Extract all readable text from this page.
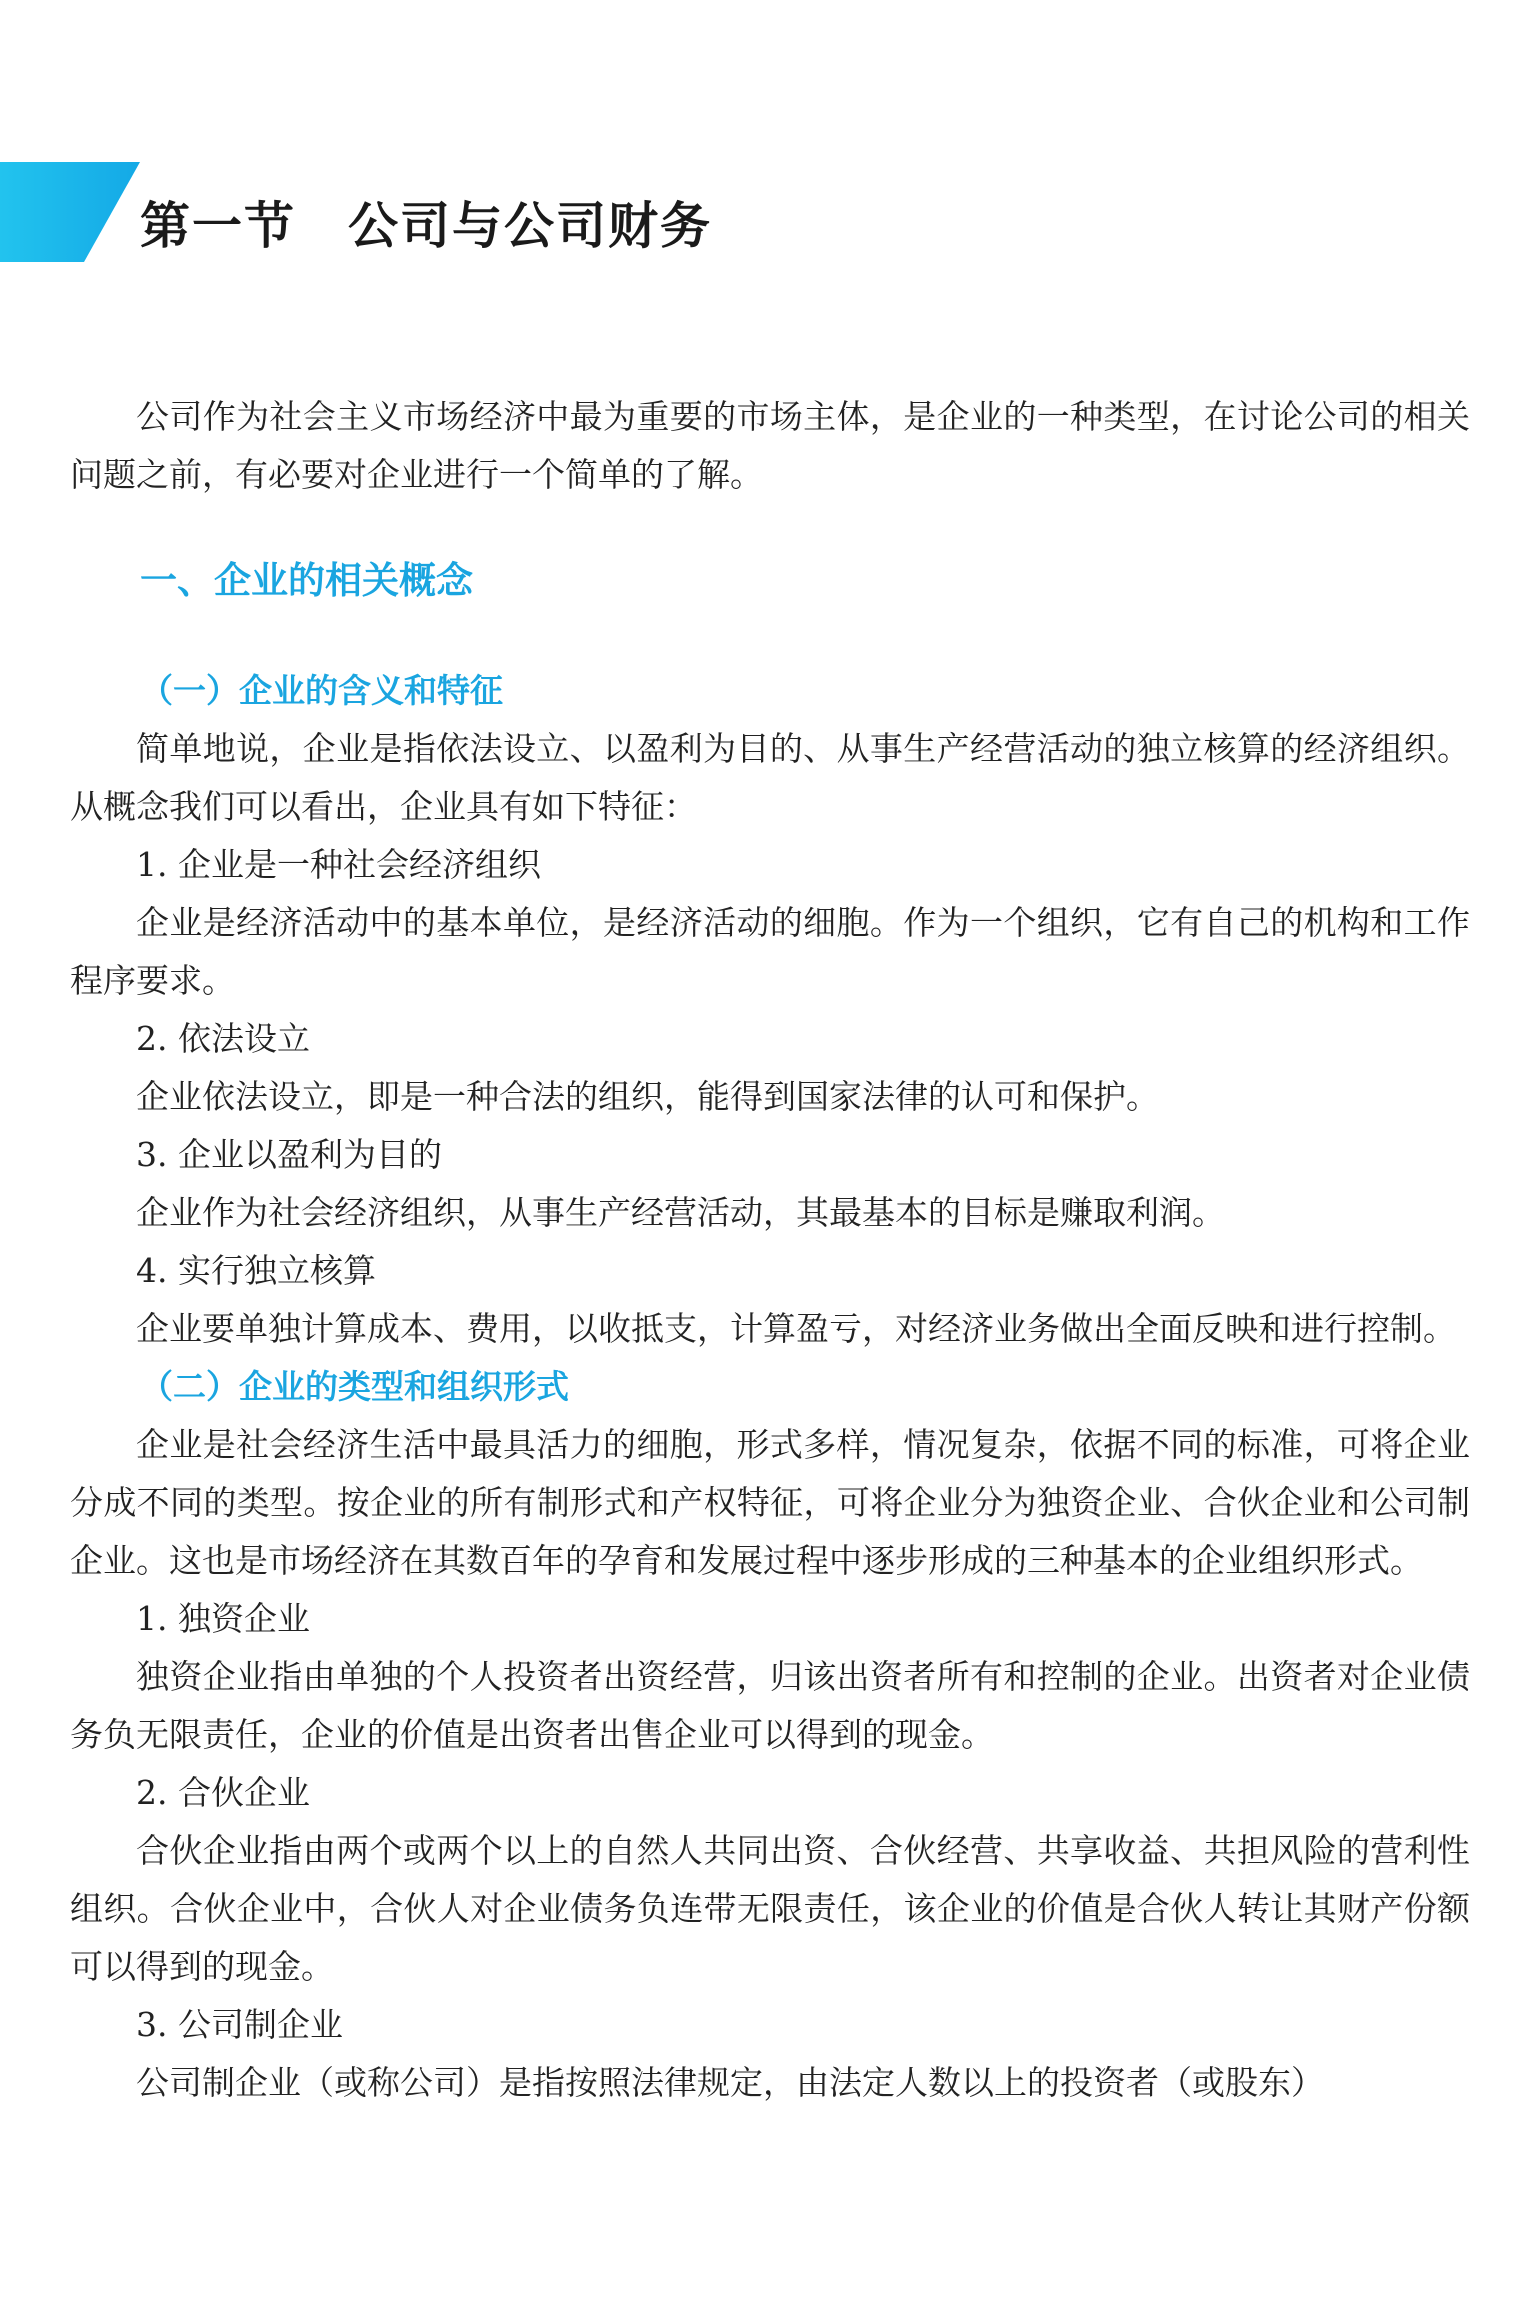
第一节　公司与公司财务

公司作为社会主义市场经济中最为重要的市场主体，是企业的一种类型，在讨论公司的相关问题之前，有必要对企业进行一个简单的了解。

一、企业的相关概念
（一）企业的含义和特征

简单地说，企业是指依法设立、以盈利为目的、从事生产经营活动的独立核算的经济组织。从概念我们可以看出，企业具有如下特征：

1. 企业是一种社会经济组织

企业是经济活动中的基本单位，是经济活动的细胞。作为一个组织，它有自己的机构和工作程序要求。

2. 依法设立

企业依法设立，即是一种合法的组织，能得到国家法律的认可和保护。

3. 企业以盈利为目的

企业作为社会经济组织，从事生产经营活动，其最基本的目标是赚取利润。

4. 实行独立核算

企业要单独计算成本、费用，以收抵支，计算盈亏，对经济业务做出全面反映和进行控制。

（二）企业的类型和组织形式

企业是社会经济生活中最具活力的细胞，形式多样，情况复杂，依据不同的标准，可将企业分成不同的类型。按企业的所有制形式和产权特征，可将企业分为独资企业、合伙企业和公司制企业。这也是市场经济在其数百年的孕育和发展过程中逐步形成的三种基本的企业组织形式。

1. 独资企业

独资企业指由单独的个人投资者出资经营，归该出资者所有和控制的企业。出资者对企业债务负无限责任，企业的价值是出资者出售企业可以得到的现金。

2. 合伙企业

合伙企业指由两个或两个以上的自然人共同出资、合伙经营、共享收益、共担风险的营利性组织。合伙企业中，合伙人对企业债务负连带无限责任，该企业的价值是合伙人转让其财产份额可以得到的现金。

3. 公司制企业

公司制企业（或称公司）是指按照法律规定，由法定人数以上的投资者（或股东）
